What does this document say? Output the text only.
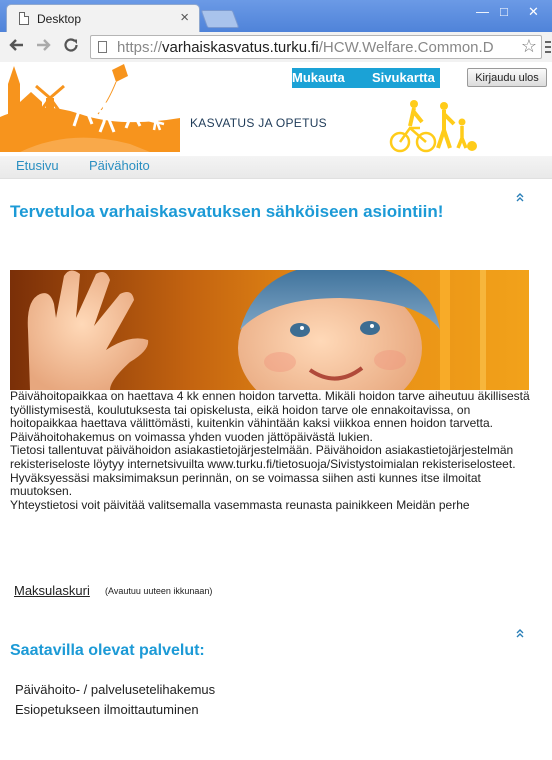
Desktop	×	— □ ✕
https://varhaiskasvatus.turku.fi/HCW.Welfare.Common.D ☆
KASVATUS JA OPETUS
Mukauta Sivukartta	Kirjaudu ulos
Etusivu Päivähoito
Tervetuloa varhaiskasvatuksen sähköiseen asiointiin!

Päivähoitopaikkaa on haettava 4 kk ennen hoidon tarvetta. Mikäli hoidon tarve aiheutuu äkillisestä työllistymisestä, koulutuksesta tai opiskelusta, eikä hoidon tarve ole ennakoitavissa, on hoitopaikkaa haettava välittömästi, kuitenkin vähintään kaksi viikkoa ennen hoidon tarvetta. Päivähoitohakemus on voimassa yhden vuoden jättöpäivästä lukien.

Tietosi tallentuvat päivähoidon asiakastietojärjestelmään. Päivähoidon asiakastietojärjestelmän rekisteriseloste löytyy internetsivuilta www.turku.fi/tietosuoja/Sivistystoimialan rekisteriselosteet.

Hyväksyessäsi maksimimaksun perinnän, on se voimassa siihen asti kunnes itse ilmoitat muutoksen.

Yhteystietosi voit päivitää valitsemalla vasemmasta reunasta painikkeen Meidän perhe

Maksulaskuri (Avautuu uuteen ikkunaan)
Saatavilla olevat palvelut:
Päivähoito- / palvelusetelihakemus
Esiopetukseen ilmoittautuminen
